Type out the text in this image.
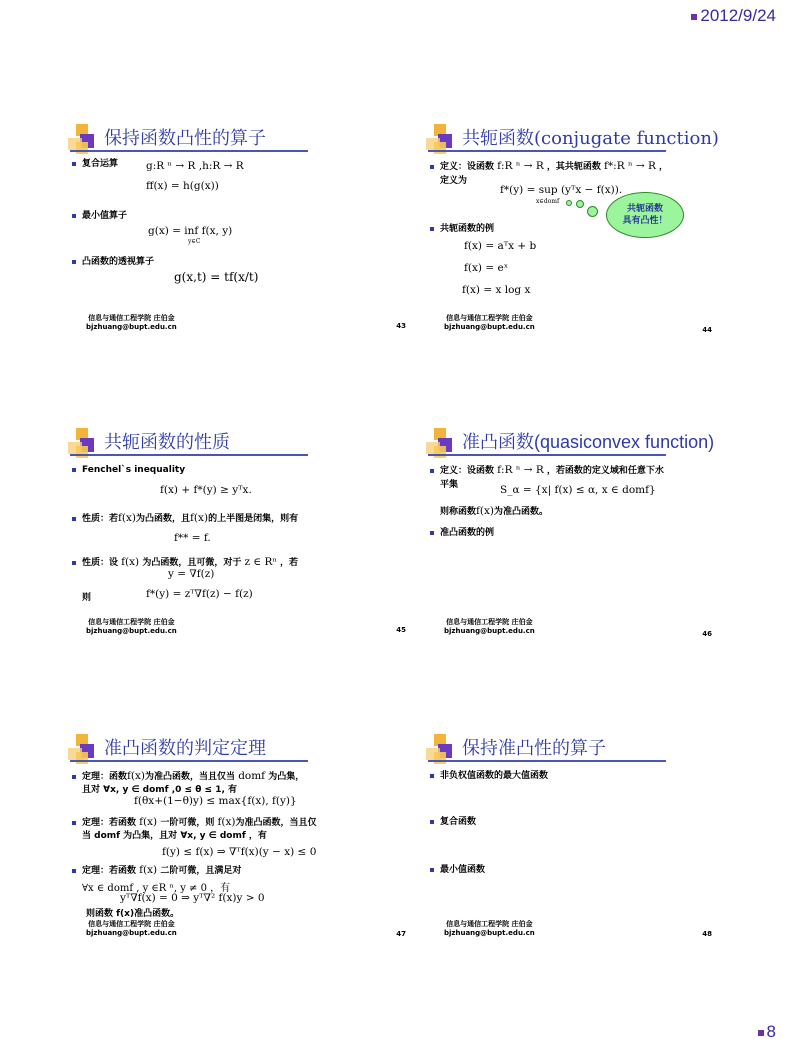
2012/9/24
保持函数凸性的算子
复合运算	g:R ⁿ → R ,h:R → R
ff(x) = h(g(x))
最小值算子
g(x) = inf f(x, y)
y∈C
凸函数的透视算子
g(x,t) = tf(x/t)
信息与通信工程学院 庄伯金
bjzhuang@bupt.edu.cn	43
共轭函数(conjugate function)
定义：设函数 f:R ⁿ → R ，其共轭函数 f*:R ⁿ → R ，
定义为
f*(y) = sup (yᵀx − f(x)).
x∈domf
共轭函数的例
f(x) = aᵀx + b
f(x) = eˣ
f(x) = x log x
共轭函数
具有凸性！
信息与通信工程学院 庄伯金
bjzhuang@bupt.edu.cn	44
共轭函数的性质
Fenchel`s inequality
f(x) + f*(y) ≥ yᵀx.
性质：若f(x)为凸函数，且f(x)的上半图是闭集，则有
f** = f.
性质：设 f(x) 为凸函数，且可微，对于 z ∈ Rⁿ ，若
y = ∇f(z)
则	f*(y) = zᵀ∇f(z) − f(z)
信息与通信工程学院 庄伯金
bjzhuang@bupt.edu.cn	45
准凸函数(quasiconvex function)
定义：设函数 f:R ⁿ → R ，若函数的定义域和任意下水
平集	S_α = {x| f(x) ≤ α, x ∈ domf}
则称函数f(x)为准凸函数。
准凸函数的例
信息与通信工程学院 庄伯金
bjzhuang@bupt.edu.cn	46
准凸函数的判定定理
定理：函数f(x)为准凸函数，当且仅当 domf 为凸集，
且对 ∀x, y ∈ domf ,0 ≤ θ ≤ 1, 有
f(θx+(1−θ)y) ≤ max{f(x), f(y)}
定理：若函数 f(x) 一阶可微，则 f(x)为准凸函数，当且仅
当 domf 为凸集，且对 ∀x, y ∈ domf ，有
f(y) ≤ f(x) ⇒ ∇ᵀf(x)(y − x) ≤ 0
定理：若函数 f(x) 二阶可微，且满足对
∀x ∈ domf , y ∈R ⁿ, y ≠ 0 ，有
yᵀ∇f(x) = 0 ⇒ yᵀ∇² f(x)y > 0
则函数 f(x)准凸函数。
信息与通信工程学院 庄伯金
bjzhuang@bupt.edu.cn	47
保持准凸性的算子
非负权值函数的最大值函数
复合函数
最小值函数
信息与通信工程学院 庄伯金
bjzhuang@bupt.edu.cn	48
8
